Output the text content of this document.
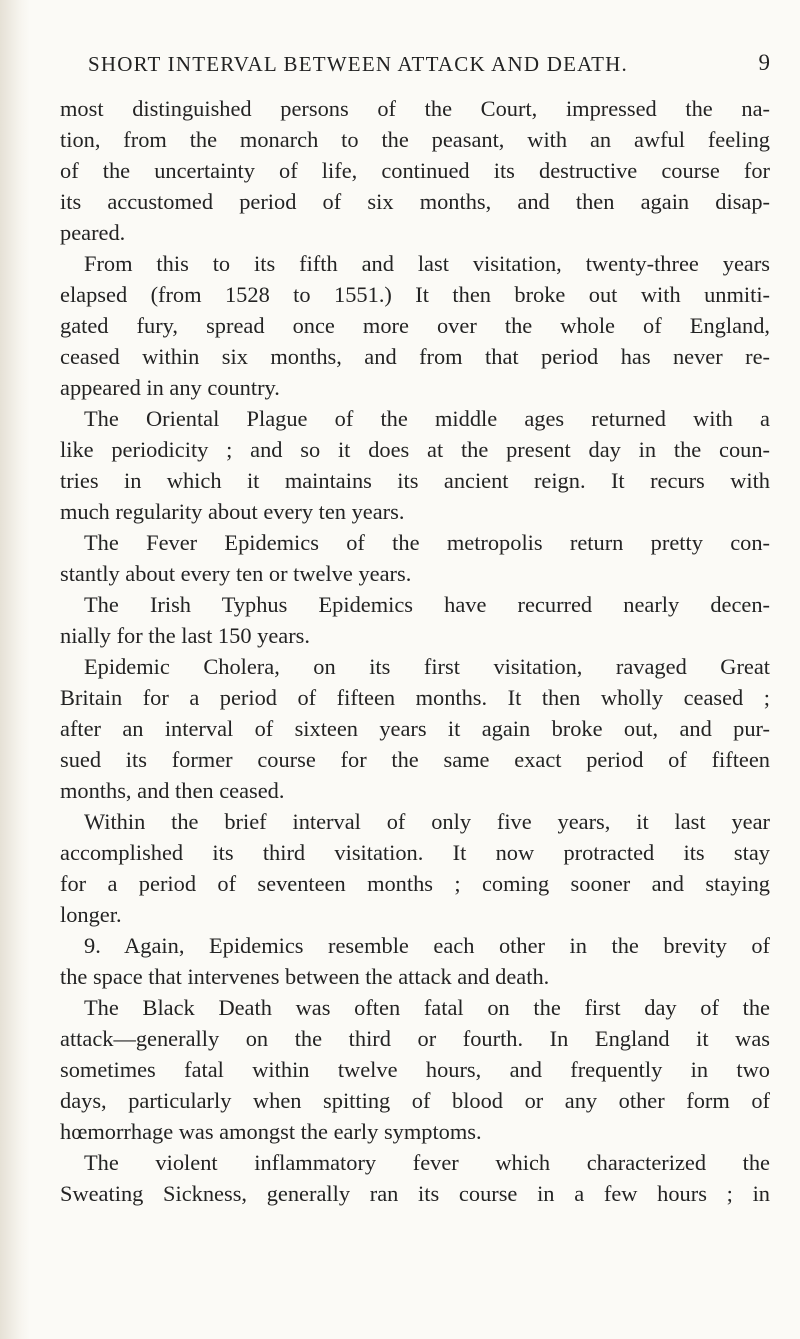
SHORT INTERVAL BETWEEN ATTACK AND DEATH.	9
most distinguished persons of the Court, impressed the na-
tion, from the monarch to the peasant, with an awful feeling
of the uncertainty of life, continued its destructive course for
its accustomed period of six months, and then again disap-
peared.
From this to its fifth and last visitation, twenty-three years
elapsed (from 1528 to 1551.) It then broke out with unmiti-
gated fury, spread once more over the whole of England,
ceased within six months, and from that period has never re-
appeared in any country.
The Oriental Plague of the middle ages returned with a
like periodicity ; and so it does at the present day in the coun-
tries in which it maintains its ancient reign. It recurs with
much regularity about every ten years.
The Fever Epidemics of the metropolis return pretty con-
stantly about every ten or twelve years.
The Irish Typhus Epidemics have recurred nearly decen-
nially for the last 150 years.
Epidemic Cholera, on its first visitation, ravaged Great
Britain for a period of fifteen months. It then wholly ceased ;
after an interval of sixteen years it again broke out, and pur-
sued its former course for the same exact period of fifteen
months, and then ceased.
Within the brief interval of only five years, it last year
accomplished its third visitation. It now protracted its stay
for a period of seventeen months ; coming sooner and staying
longer.
9. Again, Epidemics resemble each other in the brevity of
the space that intervenes between the attack and death.
The Black Death was often fatal on the first day of the
attack—generally on the third or fourth. In England it was
sometimes fatal within twelve hours, and frequently in two
days, particularly when spitting of blood or any other form of
hœmorrhage was amongst the early symptoms.
The violent inflammatory fever which characterized the
Sweating Sickness, generally ran its course in a few hours ; in
